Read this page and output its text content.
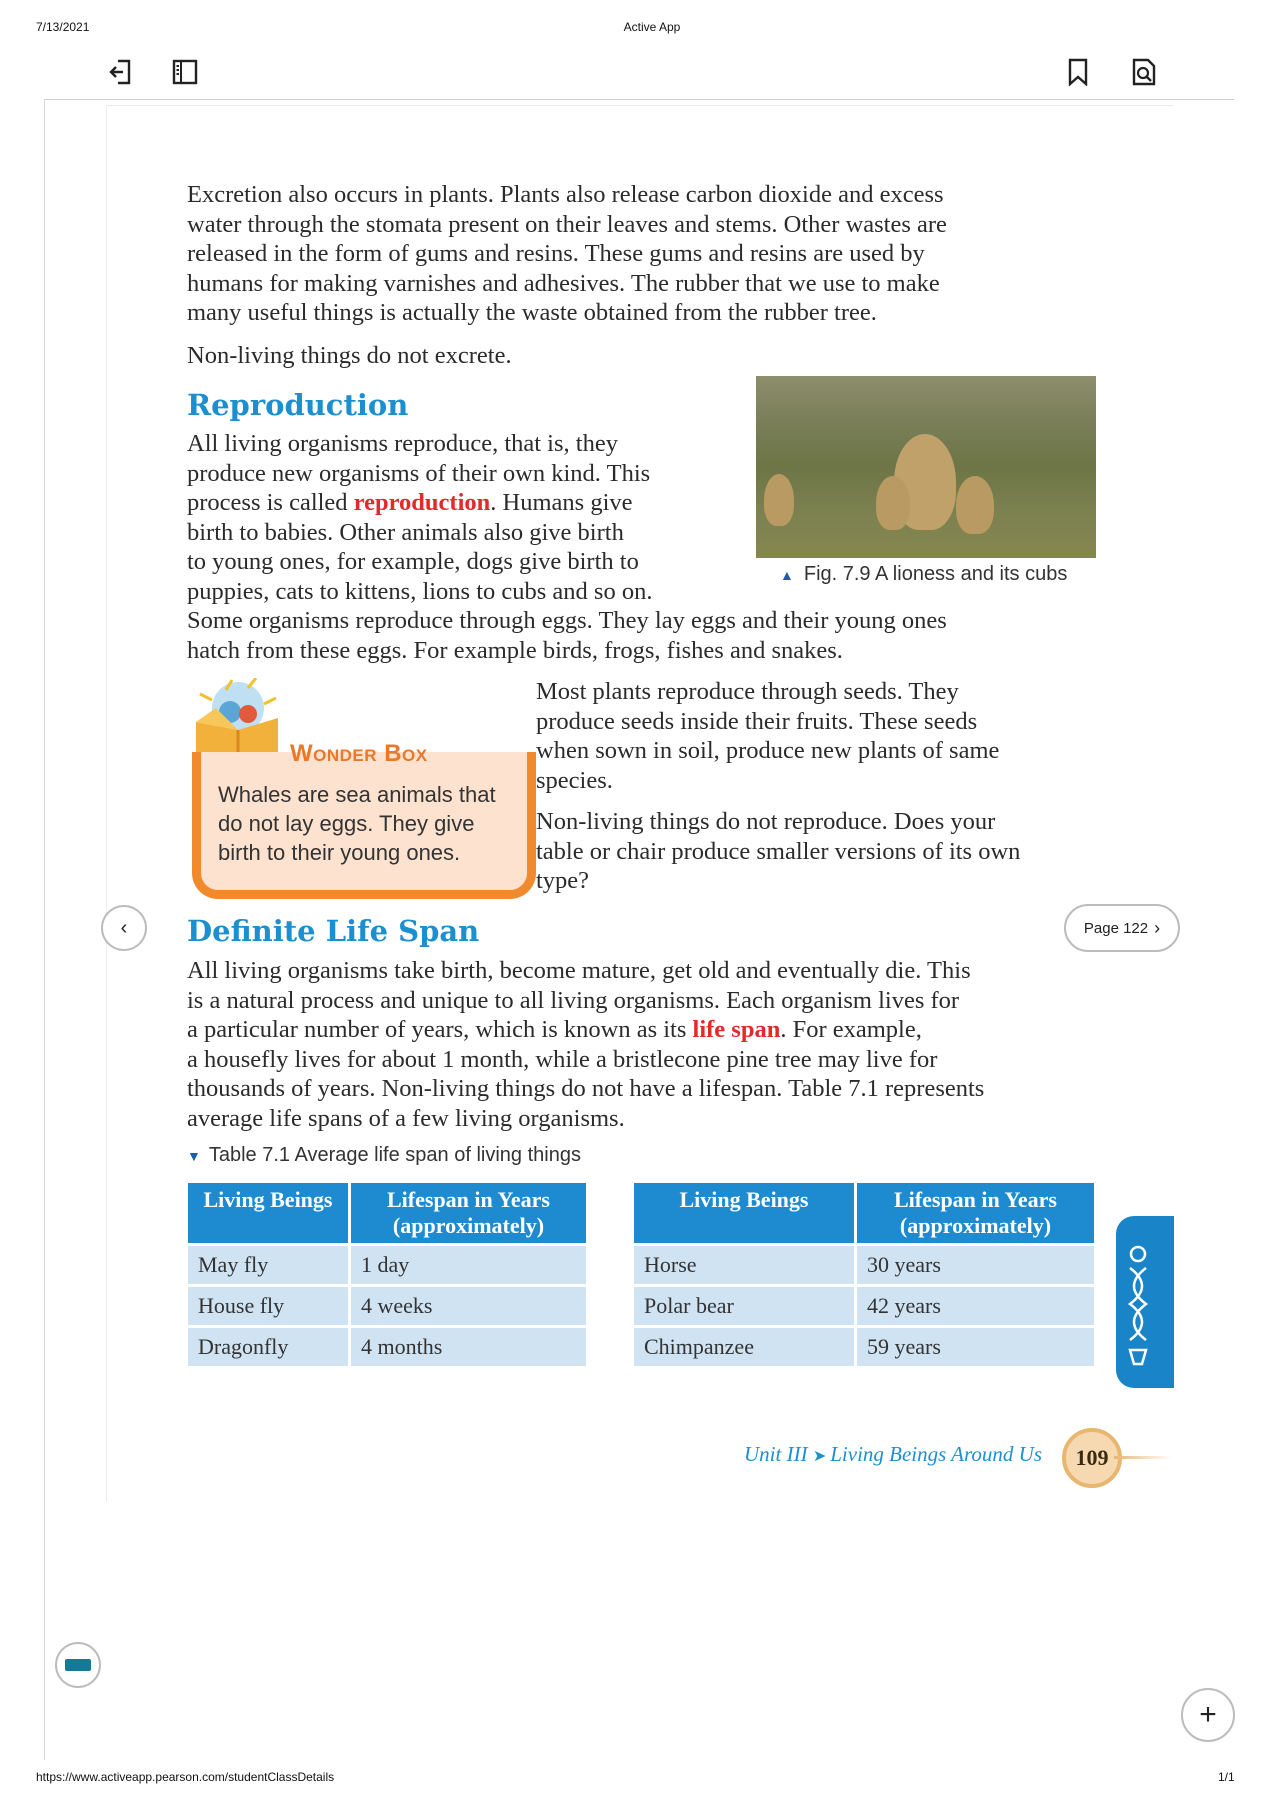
7/13/2021	Active App
https://www.activeapp.pearson.com/studentClassDetails	1/1

Excretion also occurs in plants. Plants also release carbon dioxide and excess

water through the stomata present on their leaves and stems. Other wastes are

released in the form of gums and resins. These gums and resins are used by

humans for making varnishes and adhesives. The rubber that we use to make

many useful things is actually the waste obtained from the rubber tree.

Non-living things do not excrete.
Reproduction

All living organisms reproduce, that is, they

produce new organisms of their own kind. This

process is called reproduction. Humans give

birth to babies. Other animals also give birth

to young ones, for example, dogs give birth to

puppies, cats to kittens, lions to cubs and so on.

Some organisms reproduce through eggs. They lay eggs and their young ones

hatch from these eggs. For example birds, frogs, fishes and snakes.

▲ Fig. 7.9 A lioness and its cubs
Wonder Box
Whales are sea animals that
do not lay eggs. They give
birth to their young ones.

Most plants reproduce through seeds. They

produce seeds inside their fruits. These seeds

when sown in soil, produce new plants of same

species.

Non-living things do not reproduce. Does your

table or chair produce smaller versions of its own

type?

‹	Page 122 ›
Definite Life Span

All living organisms take birth, become mature, get old and eventually die. This

is a natural process and unique to all living organisms. Each organism lives for

a particular number of years, which is known as its life span. For example,

a housefly lives for about 1 month, while a bristlecone pine tree may live for

thousands of years. Non-living things do not have a lifespan. Table 7.1 represents

average life spans of a few living organisms.

▼ Table 7.1 Average life span of living things
Living Beings	Lifespan in Years
(approximately)
May fly	1 day
House fly	4 weeks
Dragonfly	4 months
Living Beings	Lifespan in Years
(approximately)
Horse	30 years
Polar bear	42 years
Chimpanzee	59 years
Unit III ➤ Living Beings Around Us	109
+
